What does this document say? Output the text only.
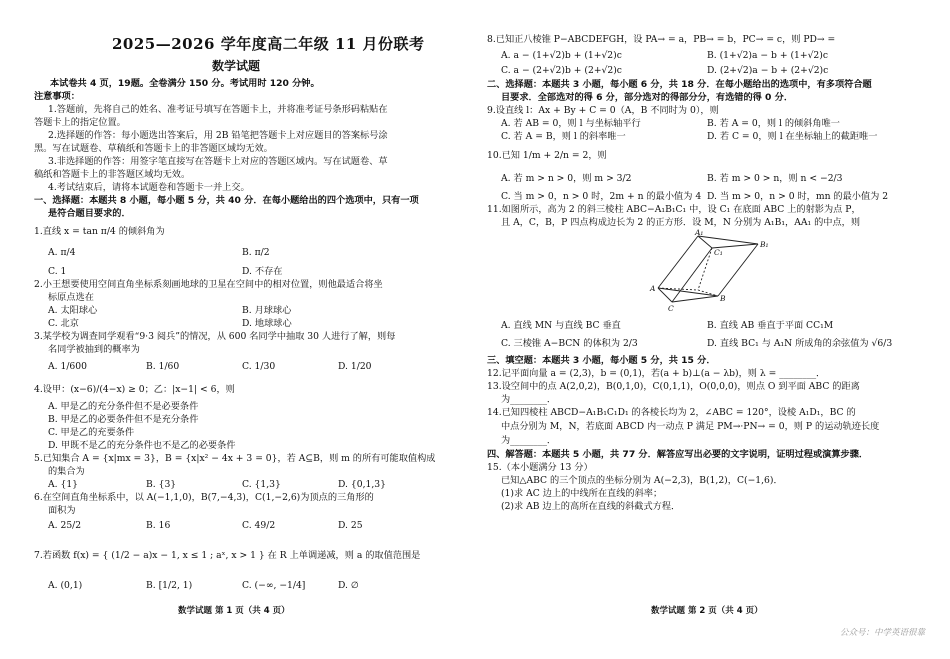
2025—2026 学年度高二年级 11 月份联考
数学试题
本试卷共 4 页，19题。全卷满分 150 分。考试用时 120 分钟。
注意事项：
1.答题前，先将自己的姓名、准考证号填写在答题卡上，并将准考证号条形码粘贴在
答题卡上的指定位置。
2.选择题的作答：每小题选出答案后，用 2B 铅笔把答题卡上对应题目的答案标号涂
黑。写在试题卷、草稿纸和答题卡上的非答题区域均无效。
3.非选择题的作答：用签字笔直接写在答题卡上对应的答题区域内。写在试题卷、草
稿纸和答题卡上的非答题区域均无效。
4.考试结束后，请将本试题卷和答题卡一并上交。
一、选择题：本题共 8 小题，每小题 5 分，共 40 分．在每小题给出的四个选项中，只有一项
是符合题目要求的．
1.直线 x = tan π/4 的倾斜角为
A. π/4	B. π/2
C. 1	D. 不存在
2.小王想要使用空间直角坐标系刻画地球的卫星在空间中的相对位置，则他最适合将坐
标原点选在
A. 太阳球心	B. 月球球心
C. 北京	D. 地球球心
3.某学校为调查同学观看“9·3 阅兵”的情况，从 600 名同学中抽取 30 人进行了解，则每
名同学被抽到的概率为
A. 1/600	B. 1/60	C. 1/30	D. 1/20
4.设甲：(x−6)/(4−x) ≥ 0；乙：|x−1| < 6，则
A. 甲是乙的充分条件但不是必要条件
B. 甲是乙的必要条件但不是充分条件
C. 甲是乙的充要条件
D. 甲既不是乙的充分条件也不是乙的必要条件
5.已知集合 A = {x|mx = 3}，B = {x|x² − 4x + 3 = 0}，若 A⊆B，则 m 的所有可能取值构成
的集合为
A. {1}	B. {3}	C. {1,3}	D. {0,1,3}
6.在空间直角坐标系中，以 A(−1,1,0)，B(7,−4,3)，C(1,−2,6)为顶点的三角形的
面积为
A. 25/2	B. 16	C. 49/2	D. 25
7.若函数 f(x) = { (1/2 − a)x − 1, x ≤ 1 ; aˣ, x > 1 } 在 R 上单调递减，则 a 的取值范围是
A. (0,1)	B. [1/2, 1)	C. (−∞, −1/4]	D. ∅
数学试题 第 1 页（共 4 页）
8.已知正八棱锥 P−ABCDEFGH，设 PA→ = a，PB→ = b，PC→ = c，则 PD→ =
A. a − (1+√2)b + (1+√2)c	B. (1+√2)a − b + (1+√2)c
C. a − (2+√2)b + (2+√2)c	D. (2+√2)a − b + (2+√2)c
二、选择题：本题共 3 小题，每小题 6 分，共 18 分．在每小题给出的选项中，有多项符合题
目要求．全部选对的得 6 分，部分选对的得部分分，有选错的得 0 分．
9.设直线 l：Ax + By + C = 0（A，B 不同时为 0），则
A. 若 AB = 0，则 l 与坐标轴平行	B. 若 A = 0，则 l 的倾斜角唯一
C. 若 A = B，则 l 的斜率唯一	D. 若 C = 0，则 l 在坐标轴上的截距唯一
10.已知 1/m + 2/n = 2，则
A. 若 m > n > 0，则 m > 3/2	B. 若 m > 0 > n，则 n < −2/3
C. 当 m > 0，n > 0 时，2m + n 的最小值为 4 D. 当 m > 0，n > 0 时，mn 的最小值为 2
11.如图所示，高为 2 的斜三棱柱 ABC−A₁B₁C₁ 中，设 C₁ 在底面 ABC 上的射影为点 P，
且 A，C，B，P 四点构成边长为 2 的正方形．设 M，N 分别为 A₁B₁，AA₁ 的中点，则
A₁
C₁
B₁
A
B
C
A. 直线 MN 与直线 BC 垂直	B. 直线 AB 垂直于平面 CC₁M
C. 三棱锥 A−BCN 的体积为 2/3	D. 直线 BC₁ 与 A₁N 所成角的余弦值为 √6/3
三、填空题：本题共 3 小题，每小题 5 分，共 15 分．
12.记平面向量 a = (2,3)，b = (0,1)，若(a + b)⊥(a − λb)，则 λ = ________．
13.设空间中的点 A(2,0,2)，B(0,1,0)，C(0,1,1)，O(0,0,0)，则点 O 到平面 ABC 的距离
为________．
14.已知四棱柱 ABCD−A₁B₁C₁D₁ 的各棱长均为 2，∠ABC = 120°，设棱 A₁D₁，BC 的
中点分别为 M，N，若底面 ABCD 内一动点 P 满足 PM→·PN→ = 0，则 P 的运动轨迹长度
为________．
四、解答题：本题共 5 小题，共 77 分．解答应写出必要的文字说明，证明过程或演算步骤．
15.（本小题满分 13 分）
已知△ABC 的三个顶点的坐标分别为 A(−2,3)，B(1,2)，C(−1,6)．
(1)求 AC 边上的中线所在直线的斜率；
(2)求 AB 边上的高所在直线的斜截式方程．
数学试题 第 2 页（共 4 页）
公众号：中学英语很靠
